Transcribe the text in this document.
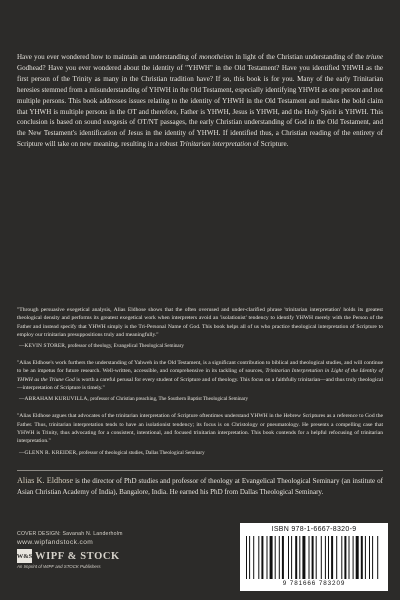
Have you ever wondered how to maintain an understanding of monotheism in light of the Christian understanding of the triune Godhead? Have you ever wondered about the identity of "YHWH" in the Old Testament? Have you identified YHWH as the first person of the Trinity as many in the Christian tradition have? If so, this book is for you. Many of the early Trinitarian heresies stemmed from a misunderstanding of YHWH in the Old Testament, especially identifying YHWH as one person and not multiple persons. This book addresses issues relating to the identity of YHWH in the Old Testament and makes the bold claim that YHWH is multiple persons in the OT and therefore, Father is YHWH, Jesus is YHWH, and the Holy Spirit is YHWH. This conclusion is based on sound exegesis of OT/NT passages, the early Christian understanding of God in the Old Testament, and the New Testament's identification of Jesus in the identity of YHWH. If identified thus, a Christian reading of the entirety of Scripture will take on new meaning, resulting in a robust Trinitarian interpretation of Scripture.

"Through persuasive exegetical analysis, Alias Eldhose shows that the often overused and under-clarified phrase 'trinitarian interpretation' holds its greatest theological density and performs its greatest exegetical work when interpreters avoid an 'isolationist' tendency to identify YHWH merely with the Person of the Father and instead specify that YHWH simply is the Tri-Personal Name of God. This book helps all of us who practice theological interpretation of Scripture to employ our trinitarian presuppositions truly and meaningfully."

—KEVIN STORER, professor of theology, Evangelical Theological Seminary

"Alias Eldhose's work furthers the understanding of Yahweh in the Old Testament, is a significant contribution to biblical and theological studies, and will continue to be an impetus for future research. Well-written, accessible, and comprehensive in its tackling of sources, Trinitarian Interpretation in Light of the Identity of YHWH as the Triune God is worth a careful perusal for every student of Scripture and of theology. This focus on a faithfully trinitarian—and thus truly theological—interpretation of Scripture is timely."

—ABRAHAM KURUVILLA, professor of Christian preaching, The Southern Baptist Theological Seminary

"Alias Eldhose argues that advocates of the trinitarian interpretation of Scripture oftentimes understand YHWH in the Hebrew Scriptures as a reference to God the Father. Thus, trinitarian interpretation tends to have an isolationist tendency; its focus is on Christology or pneumatology. He presents a compelling case that YHWH is Trinity, thus advocating for a consistent, intentional, and focused trinitarian interpretation. This book contends for a helpful refocusing of trinitarian interpretation."

—GLENN R. KREIDER, professor of theological studies, Dallas Theological Seminary

Alias K. Eldhose is the director of PhD studies and professor of theology at Evangelical Theological Seminary (an institute of Asian Christian Academy of India), Bangalore, India. He earned his PhD from Dallas Theological Seminary.

COVER DESIGN: Savanah N. Landerholm
www.wipfandstock.com
W&S WIPF & STOCK
An Imprint of WIPF and STOCK Publishers
ISBN 978-1-6667-8320-9
9 781666 783209
